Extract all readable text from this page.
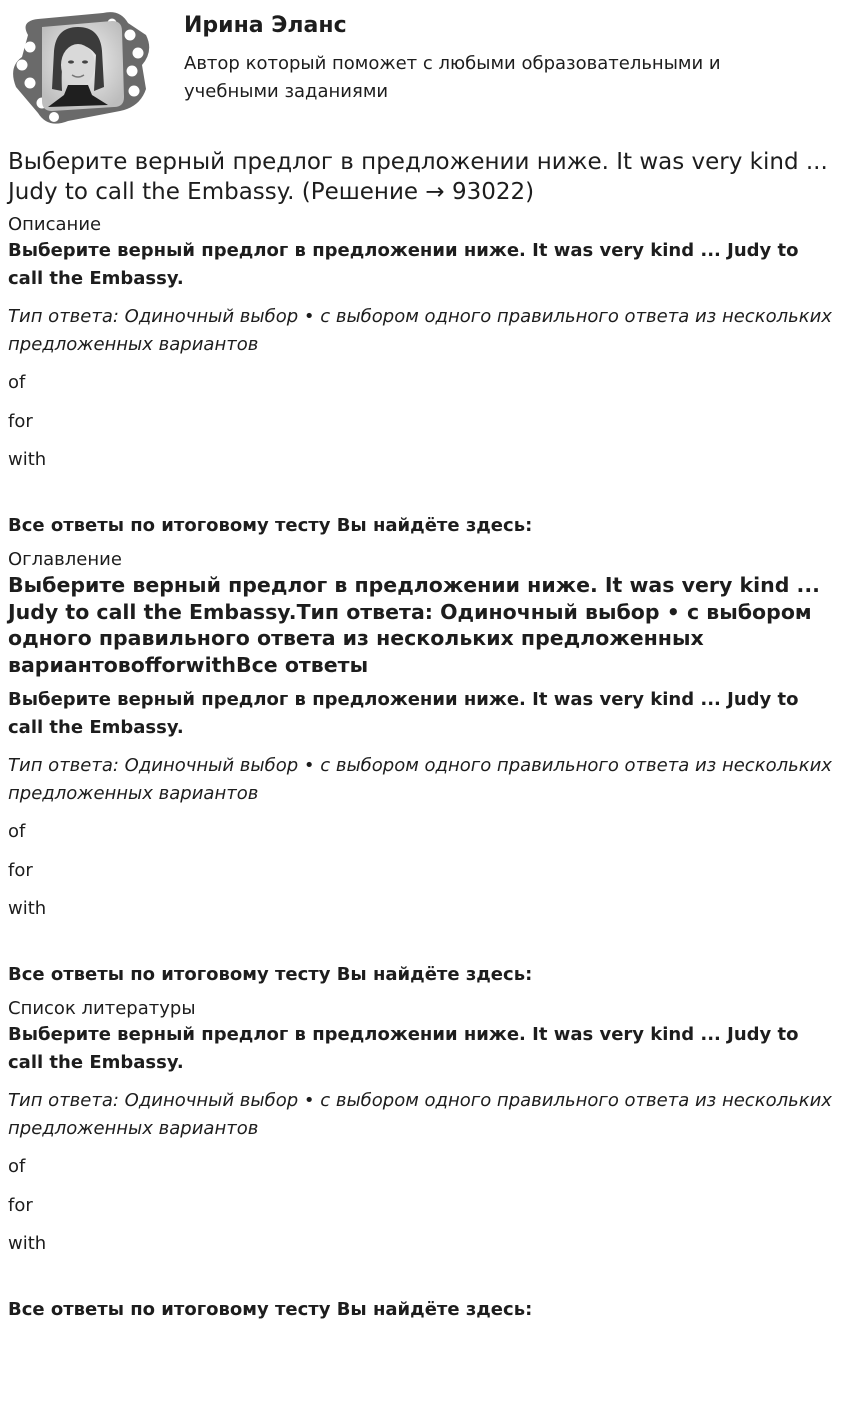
Ирина Эланс

Автор который поможет с любыми образовательными и учебными заданиями

Выберите верный предлог в предложении ниже. It was very kind ... Judy to call the Embassy. (Решение → 93022)

Описание

Выберите верный предлог в предложении ниже. It was very kind ... Judy to call the Embassy.

Тип ответа: Одиночный выбор • с выбором одного правильного ответа из нескольких предложенных вариантов

of
for
with

Все ответы по итоговому тесту Вы найдёте здесь:

Оглавление

Выберите верный предлог в предложении ниже. It was very kind ... Judy to call the Embassy.Тип ответа: Одиночный выбор • с выбором одного правильного ответа из нескольких предложенных вариантовofforwithВсе ответы

Выберите верный предлог в предложении ниже. It was very kind ... Judy to call the Embassy.

Тип ответа: Одиночный выбор • с выбором одного правильного ответа из нескольких предложенных вариантов

of
for
with

Все ответы по итоговому тесту Вы найдёте здесь:

Список литературы

Выберите верный предлог в предложении ниже. It was very kind ... Judy to call the Embassy.

Тип ответа: Одиночный выбор • с выбором одного правильного ответа из нескольких предложенных вариантов

of
for
with

Все ответы по итоговому тесту Вы найдёте здесь:
